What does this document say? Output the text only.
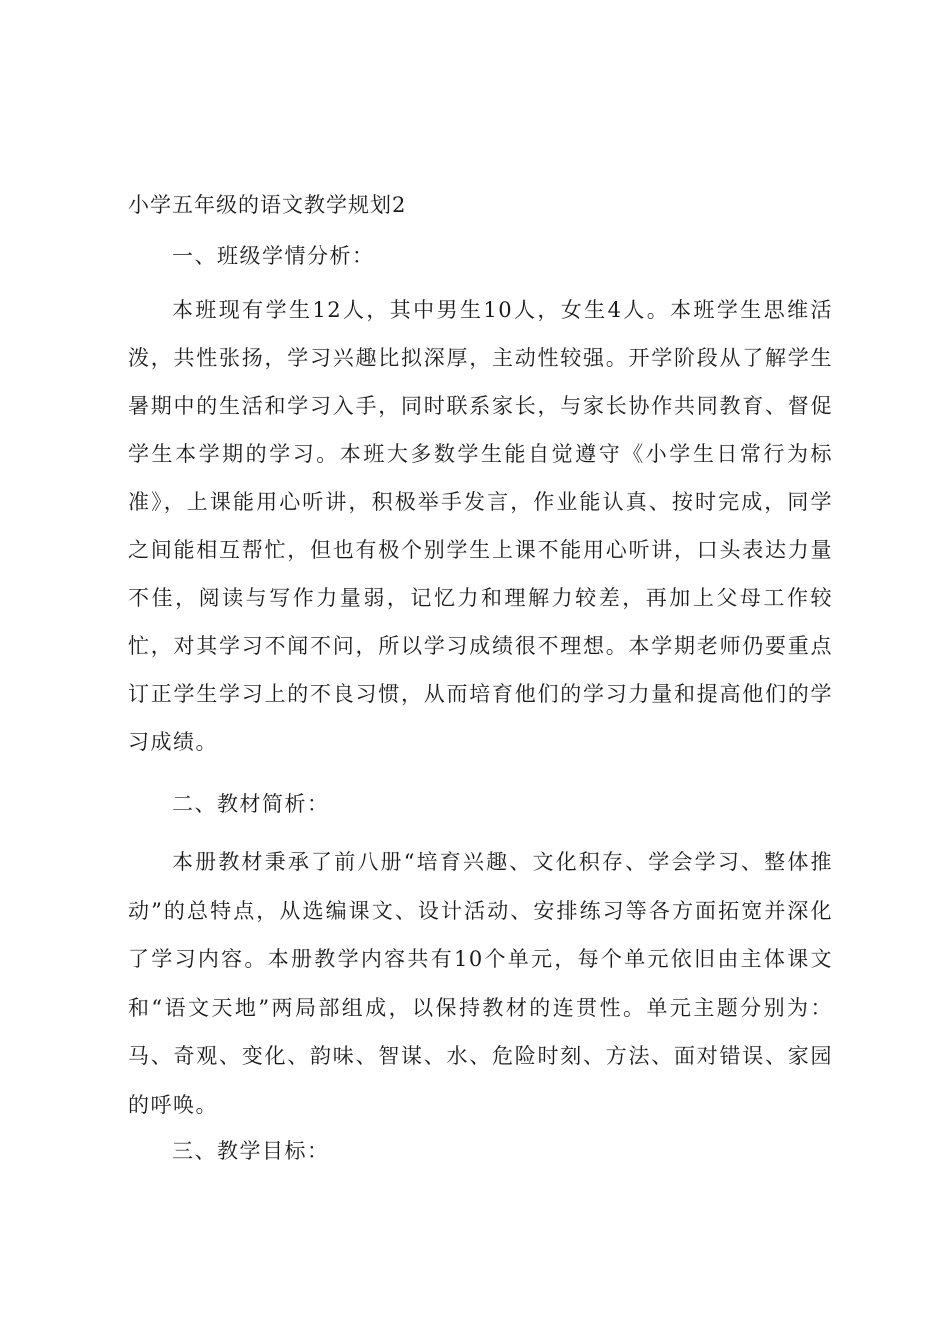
小学五年级的语文教学规划2
一、班级学情分析：

本班现有学生12人，其中男生10人，女生4人。本班学生思维活泼，共性张扬，学习兴趣比拟深厚，主动性较强。开学阶段从了解学生暑期中的生活和学习入手，同时联系家长，与家长协作共同教育、督促学生本学期的学习。本班大多数学生能自觉遵守《小学生日常行为标准》，上课能用心听讲，积极举手发言，作业能认真、按时完成，同学之间能相互帮忙，但也有极个别学生上课不能用心听讲，口头表达力量不佳，阅读与写作力量弱，记忆力和理解力较差，再加上父母工作较忙，对其学习不闻不问，所以学习成绩很不理想。本学期老师仍要重点订正学生学习上的不良习惯，从而培育他们的学习力量和提高他们的学习成绩。

二、教材简析：

本册教材秉承了前八册“培育兴趣、文化积存、学会学习、整体推动”的总特点，从选编课文、设计活动、安排练习等各方面拓宽并深化了学习内容。本册教学内容共有10个单元，每个单元依旧由主体课文和“语文天地”两局部组成，以保持教材的连贯性。单元主题分别为：马、奇观、变化、韵味、智谋、水、危险时刻、方法、面对错误、家园的呼唤。

三、教学目标：
